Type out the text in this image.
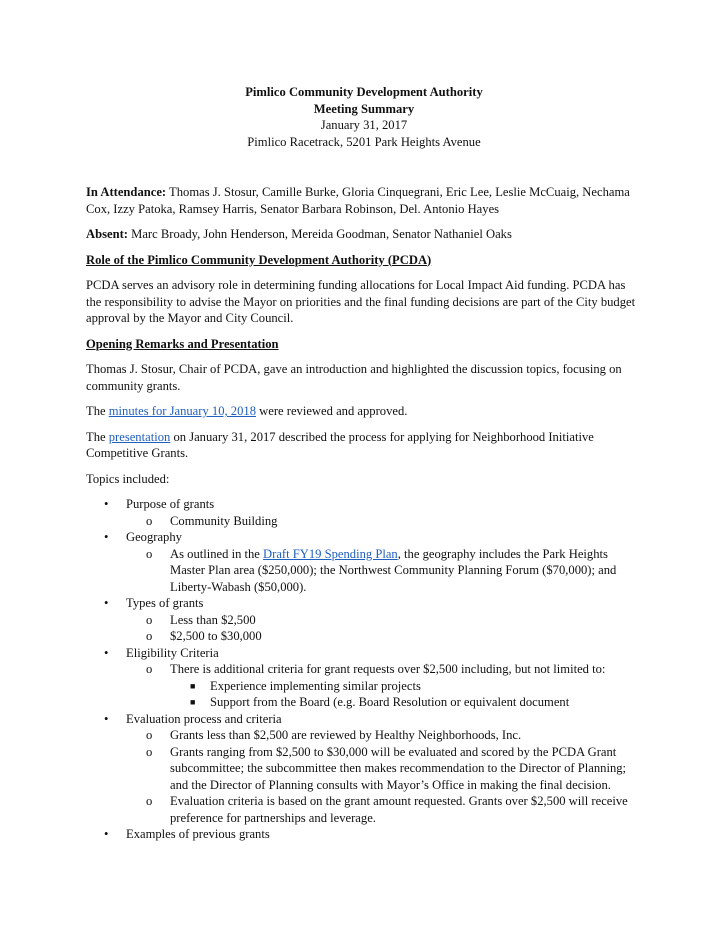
Pimlico Community Development Authority

Meeting Summary

January 31, 2017

Pimlico Racetrack, 5201 Park Heights Avenue

In Attendance: Thomas J. Stosur, Camille Burke, Gloria Cinquegrani, Eric Lee, Leslie McCuaig, Nechama Cox, Izzy Patoka, Ramsey Harris, Senator Barbara Robinson, Del. Antonio Hayes

Absent: Marc Broady, John Henderson, Mereida Goodman, Senator Nathaniel Oaks

Role of the Pimlico Community Development Authority (PCDA)

PCDA serves an advisory role in determining funding allocations for Local Impact Aid funding. PCDA has the responsibility to advise the Mayor on priorities and the final funding decisions are part of the City budget approval by the Mayor and City Council.

Opening Remarks and Presentation

Thomas J. Stosur, Chair of PCDA, gave an introduction and highlighted the discussion topics, focusing on community grants.

The minutes for January 10, 2018 were reviewed and approved.

The presentation on January 31, 2017 described the process for applying for Neighborhood Initiative Competitive Grants.

Topics included:

• Purpose of grants
o Community Building
• Geography
o As outlined in the Draft FY19 Spending Plan, the geography includes the Park Heights Master Plan area ($250,000); the Northwest Community Planning Forum ($70,000); and Liberty-Wabash ($50,000).
• Types of grants
o Less than $2,500
o $2,500 to $30,000
• Eligibility Criteria
o There is additional criteria for grant requests over $2,500 including, but not limited to:
■ Experience implementing similar projects
■ Support from the Board (e.g. Board Resolution or equivalent document
• Evaluation process and criteria
o Grants less than $2,500 are reviewed by Healthy Neighborhoods, Inc.
o Grants ranging from $2,500 to $30,000 will be evaluated and scored by the PCDA Grant subcommittee; the subcommittee then makes recommendation to the Director of Planning; and the Director of Planning consults with Mayor’s Office in making the final decision.
o Evaluation criteria is based on the grant amount requested. Grants over $2,500 will receive preference for partnerships and leverage.
• Examples of previous grants
